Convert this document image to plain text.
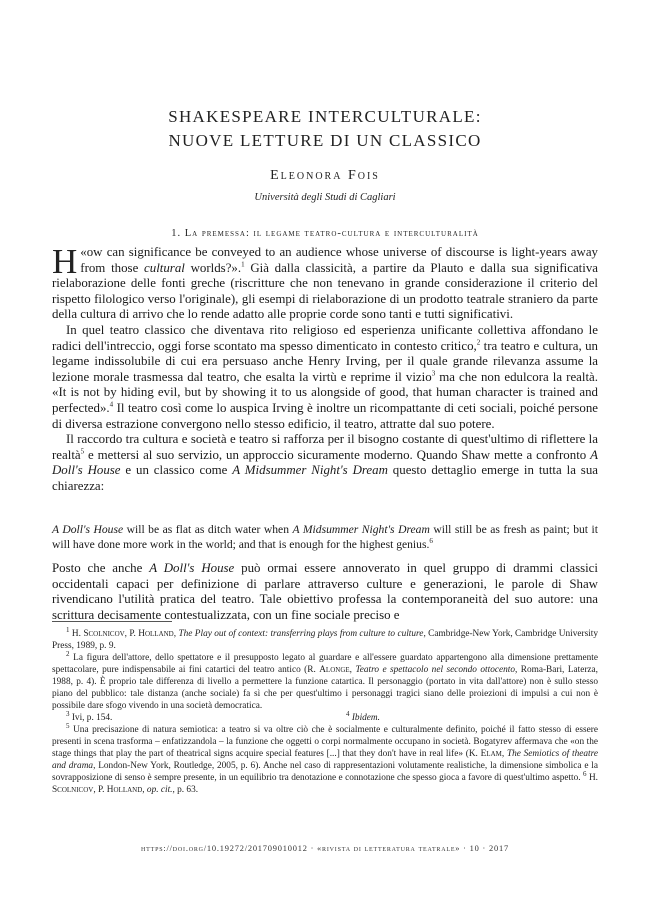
SHAKESPEARE INTERCULTURALE:
NUOVE LETTURE DI UN CLASSICO
Eleonora Fois
Università degli Studi di Cagliari
1. La premessa: il legame teatro-cultura e interculturalità

«
H ow can significance be conveyed to an audience whose universe of discourse is light-years away from those cultural worlds?».$^1$ Già dalla classicità, a partire da Plauto e dalla sua significativa rielaborazione delle fonti greche (riscritture che non tenevano in grande considerazione il criterio del rispetto filologico verso l'originale), gli esempi di rielaborazione di un prodotto teatrale straniero da parte della cultura di arrivo che lo rende adatto alle proprie corde sono tanti e tutti significativi.

In quel teatro classico che diventava rito religioso ed esperienza unificante collettiva affondano le radici dell'intreccio, oggi forse scontato ma spesso dimenticato in contesto critico,$^2$ tra teatro e cultura, un legame indissolubile di cui era persuaso anche Henry Irving, per il quale grande rilevanza assume la lezione morale trasmessa dal teatro, che esalta la virtù e reprime il vizio$^3$ ma che non edulcora la realtà. «It is not by hiding evil, but by showing it to us alongside of good, that human character is trained and perfected».$^4$ Il teatro così come lo auspica Irving è inoltre un ricompattante di ceti sociali, poiché persone di diversa estrazione convergono nello stesso edificio, il teatro, attratte dal suo potere.

Il raccordo tra cultura e società e teatro si rafforza per il bisogno costante di quest'ultimo di riflettere la realtà$^5$ e mettersi al suo servizio, un approccio sicuramente moderno. Quando Shaw mette a confronto A Doll's House e un classico come A Midsummer Night's Dream questo dettaglio emerge in tutta la sua chiarezza:

A Doll's House will be as flat as ditch water when A Midsummer Night's Dream will still be as fresh as paint; but it will have done more work in the world; and that is enough for the highest genius.$^6$

Posto che anche A Doll's House può ormai essere annoverato in quel gruppo di drammi classici occidentali capaci per definizione di parlare attraverso culture e generazioni, le parole di Shaw rivendicano l'utilità pratica del teatro. Tale obiettivo professa la contemporaneità del suo autore: una scrittura decisamente contestualizzata, con un fine sociale preciso e

$^1$ H. Scolnicov, P. Holland, The Play out of context: transferring plays from culture to culture, Cambridge-New York, Cambridge University Press, 1989, p. 9.

$^2$ La figura dell'attore, dello spettatore e il presupposto legato al guardare e all'essere guardato appartengono alla dimensione prettamente spettacolare, pure indispensabile ai fini catartici del teatro antico (R. Alonge, Teatro e spettacolo nel secondo ottocento, Roma-Bari, Laterza, 1988, p. 4). È proprio tale differenza di livello a permettere la funzione catartica. Il personaggio (portato in vita dall'attore) non è sullo stesso piano del pubblico: tale distanza (anche sociale) fa sì che per quest'ultimo i personaggi tragici siano delle proiezioni di impulsi a cui non è possibile dare sfogo vivendo in una società democratica.

$^3$ Ivi, p. 154.	$^4$ Ibidem.

$^5$ Una precisazione di natura semiotica: a teatro si va oltre ciò che è socialmente e culturalmente definito, poiché il fatto stesso di essere presenti in scena trasforma – enfatizzandola – la funzione che oggetti o corpi normalmente occupano in società. Bogatyrev affermava che «on the stage things that play the part of theatrical signs acquire special features [...] that they don't have in real life» (K. Elam, The Semiotics of theatre and drama, London-New York, Routledge, 2005, p. 6). Anche nel caso di rappresentazioni volutamente realistiche, la dimensione simbolica e la sovrapposizione di senso è sempre presente, in un equilibrio tra denotazione e connotazione che spesso gioca a favore di quest'ultimo aspetto. $^6$ H. Scolnicov, P. Holland, op. cit., p. 63.

https://doi.org/10.19272/201709010012 · «rivista di letteratura teatrale» · 10 · 2017
